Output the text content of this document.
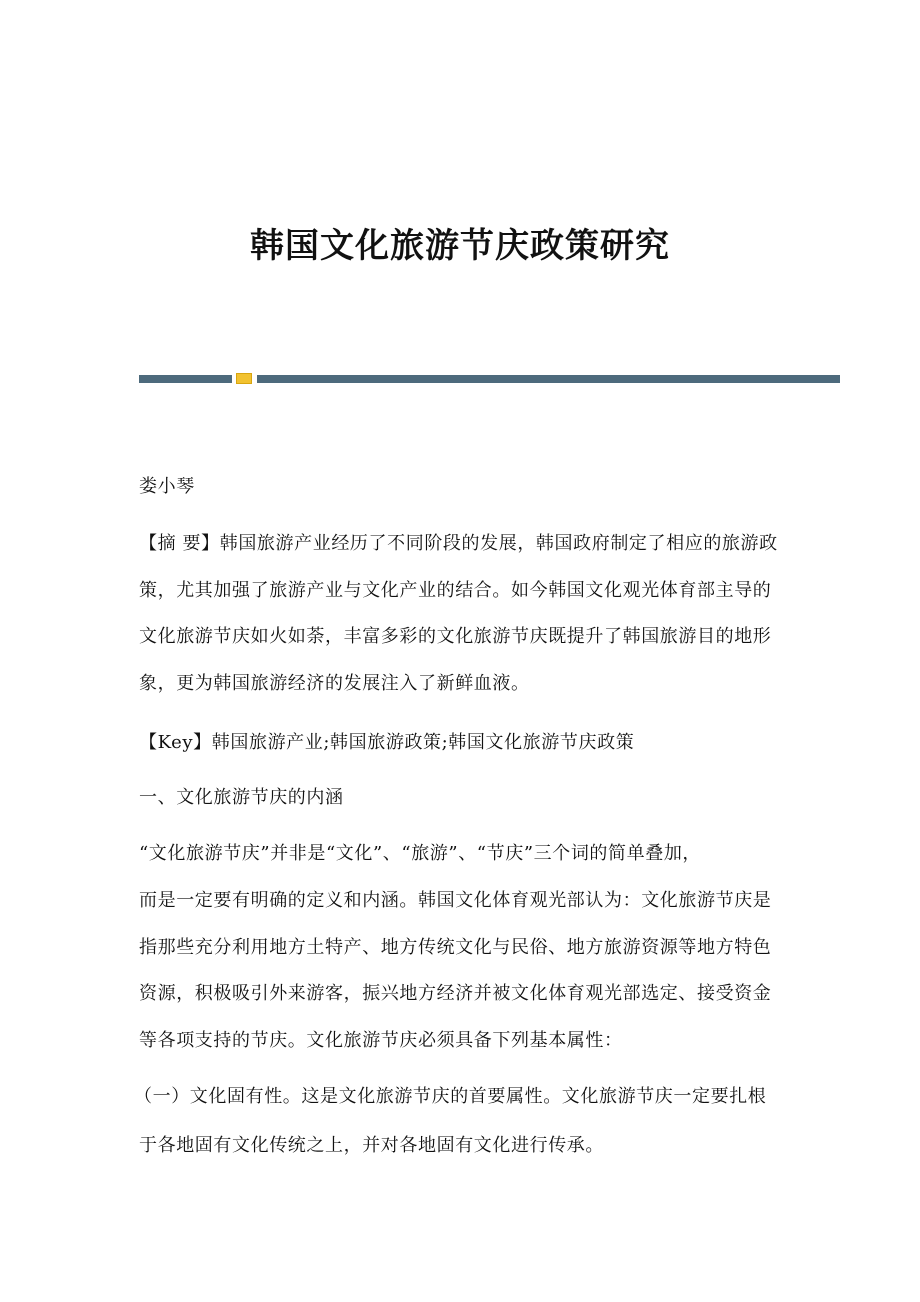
韩国文化旅游节庆政策研究
娄小琴
【摘 要】韩国旅游产业经历了不同阶段的发展，韩国政府制定了相应的旅游政
策，尤其加强了旅游产业与文化产业的结合。如今韩国文化观光体育部主导的
文化旅游节庆如火如荼，丰富多彩的文化旅游节庆既提升了韩国旅游目的地形
象，更为韩国旅游经济的发展注入了新鲜血液。
【Key】韩国旅游产业;韩国旅游政策;韩国文化旅游节庆政策
一、文化旅游节庆的内涵
“文化旅游节庆”并非是“文化”、“旅游”、“节庆”三个词的简单叠加，
而是一定要有明确的定义和内涵。韩国文化体育观光部认为：文化旅游节庆是
指那些充分利用地方土特产、地方传统文化与民俗、地方旅游资源等地方特色
资源，积极吸引外来游客，振兴地方经济并被文化体育观光部选定、接受资金
等各项支持的节庆。文化旅游节庆必须具备下列基本属性：
（一）文化固有性。这是文化旅游节庆的首要属性。文化旅游节庆一定要扎根
于各地固有文化传统之上，并对各地固有文化进行传承。
